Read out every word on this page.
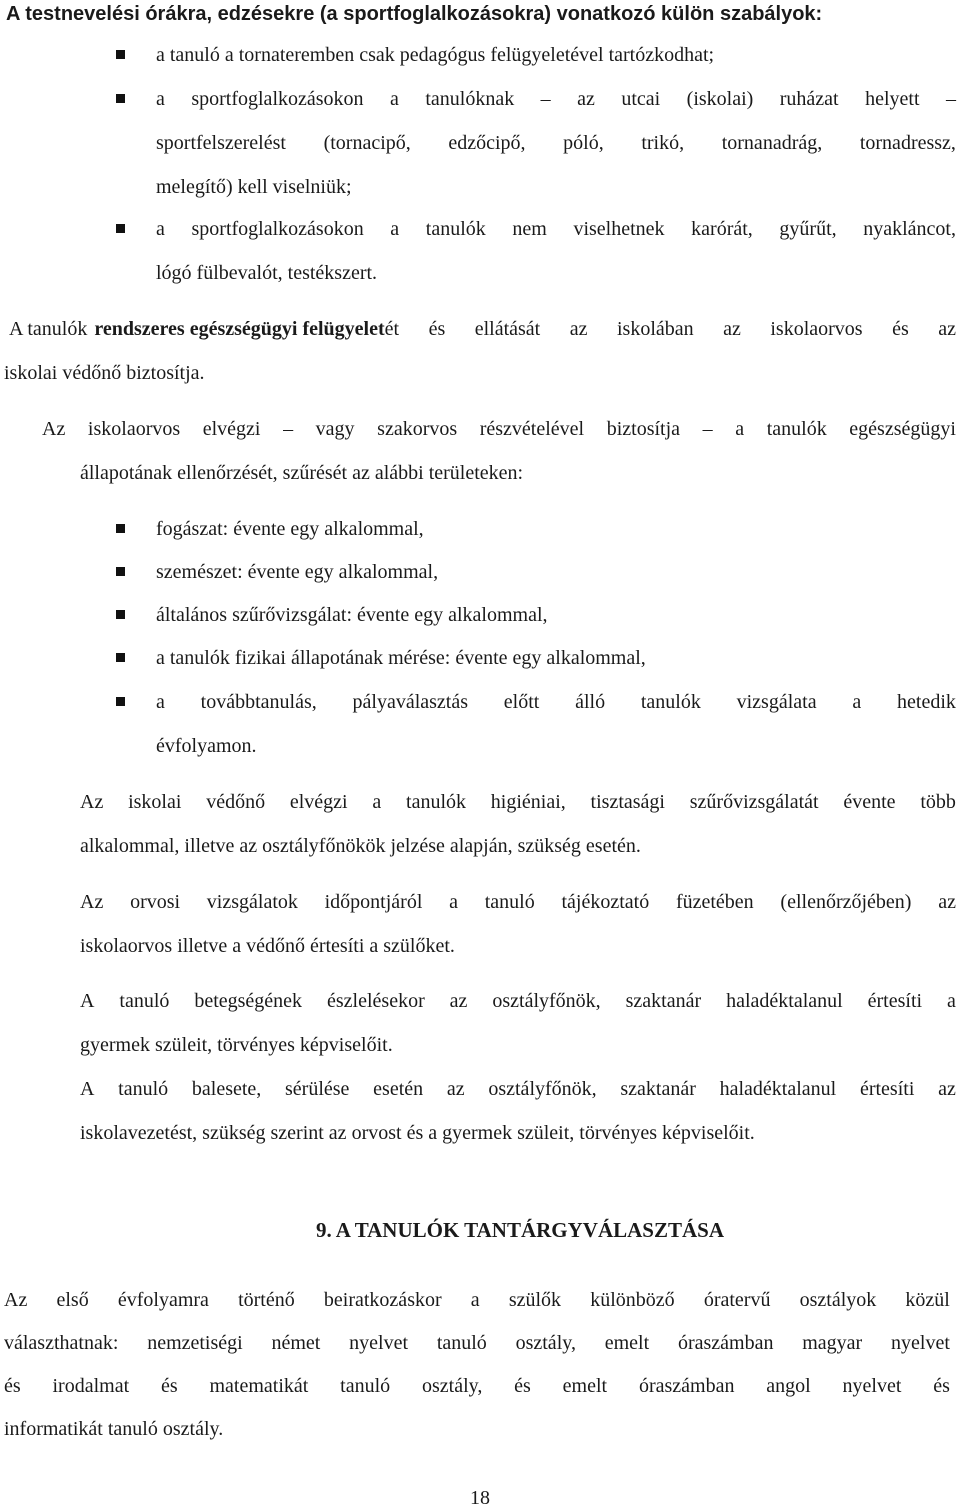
A testnevelési órákra, edzésekre (a sportfoglalkozásokra) vonatkozó külön szabályok:
a tanuló a tornateremben csak pedagógus felügyeletével tartózkodhat;
a sportfoglalkozásokon a tanulóknak – az utcai (iskolai) ruházat helyett –
sportfelszerelést (tornacipő, edzőcipő, póló, trikó, tornanadrág, tornadressz,
melegítő) kell viselniük;
a sportfoglalkozásokon a tanulók nem viselhetnek karórát, gyűrűt, nyakláncot,
lógó fülbevalót, testékszert.
A tanulók rendszeres egészségügyi felügyelet ét és ellátását az iskolában az iskolaorvos és az
iskolai védőnő biztosítja.
Az iskolaorvos elvégzi – vagy szakorvos részvételével biztosítja – a tanulók egészségügyi
állapotának ellenőrzését, szűrését az alábbi területeken:
fogászat: évente egy alkalommal,
szemészet: évente egy alkalommal,
általános szűrővizsgálat: évente egy alkalommal,
a tanulók fizikai állapotának mérése: évente egy alkalommal,
a továbbtanulás, pályaválasztás előtt álló tanulók vizsgálata a hetedik
évfolyamon.
Az iskolai védőnő elvégzi a tanulók higiéniai, tisztasági szűrővizsgálatát évente több
alkalommal, illetve az osztályfőnökök jelzése alapján, szükség esetén.
Az orvosi vizsgálatok időpontjáról a tanuló tájékoztató füzetében (ellenőrzőjében) az
iskolaorvos illetve a védőnő értesíti a szülőket.
A tanuló betegségének észlelésekor az osztályfőnök, szaktanár haladéktalanul értesíti a
gyermek szüleit, törvényes képviselőit.
A tanuló balesete, sérülése esetén az osztályfőnök, szaktanár haladéktalanul értesíti az
iskolavezetést, szükség szerint az orvost és a gyermek szüleit, törvényes képviselőit.
9. A TANULÓK TANTÁRGYVÁLASZTÁSA
Az első évfolyamra történő beiratkozáskor a szülők különböző óratervű osztályok közül
választhatnak: nemzetiségi német nyelvet tanuló osztály, emelt óraszámban magyar nyelvet
és irodalmat és matematikát tanuló osztály, és emelt óraszámban angol nyelvet és
informatikát tanuló osztály.
18
